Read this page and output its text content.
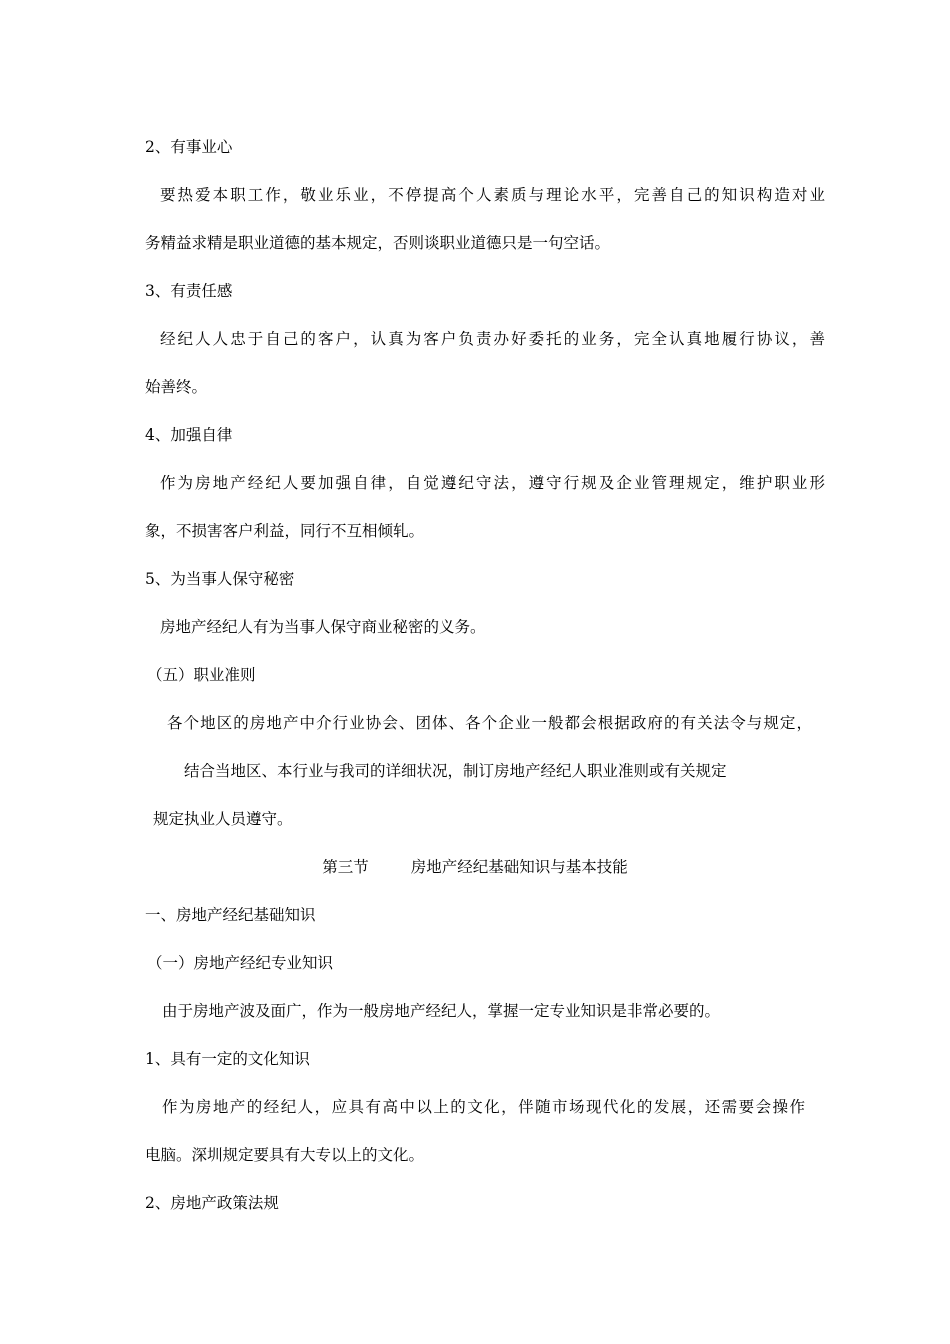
2、有事业心
要热爱本职工作，敬业乐业，不停提高个人素质与理论水平，完善自己的知识构造对业
务精益求精是职业道德的基本规定，否则谈职业道德只是一句空话。
3、有责任感
经纪人人忠于自己的客户，认真为客户负责办好委托的业务，完全认真地履行协议，善
始善终。
4、加强自律
作为房地产经纪人要加强自律，自觉遵纪守法，遵守行规及企业管理规定，维护职业形
象，不损害客户利益，同行不互相倾轧。
5、为当事人保守秘密
房地产经纪人有为当事人保守商业秘密的义务。
（五）职业准则
各个地区的房地产中介行业协会、团体、各个企业一般都会根据政府的有关法令与规定，
结合当地区、本行业与我司的详细状况，制订房地产经纪人职业准则或有关规定
规定执业人员遵守。
第三节	房地产经纪基础知识与基本技能
一、房地产经纪基础知识
（一）房地产经纪专业知识
由于房地产波及面广，作为一般房地产经纪人，掌握一定专业知识是非常必要的。
1、具有一定的文化知识
作为房地产的经纪人，应具有高中以上的文化，伴随市场现代化的发展，还需要会操作
电脑。深圳规定要具有大专以上的文化。
2、房地产政策法规
